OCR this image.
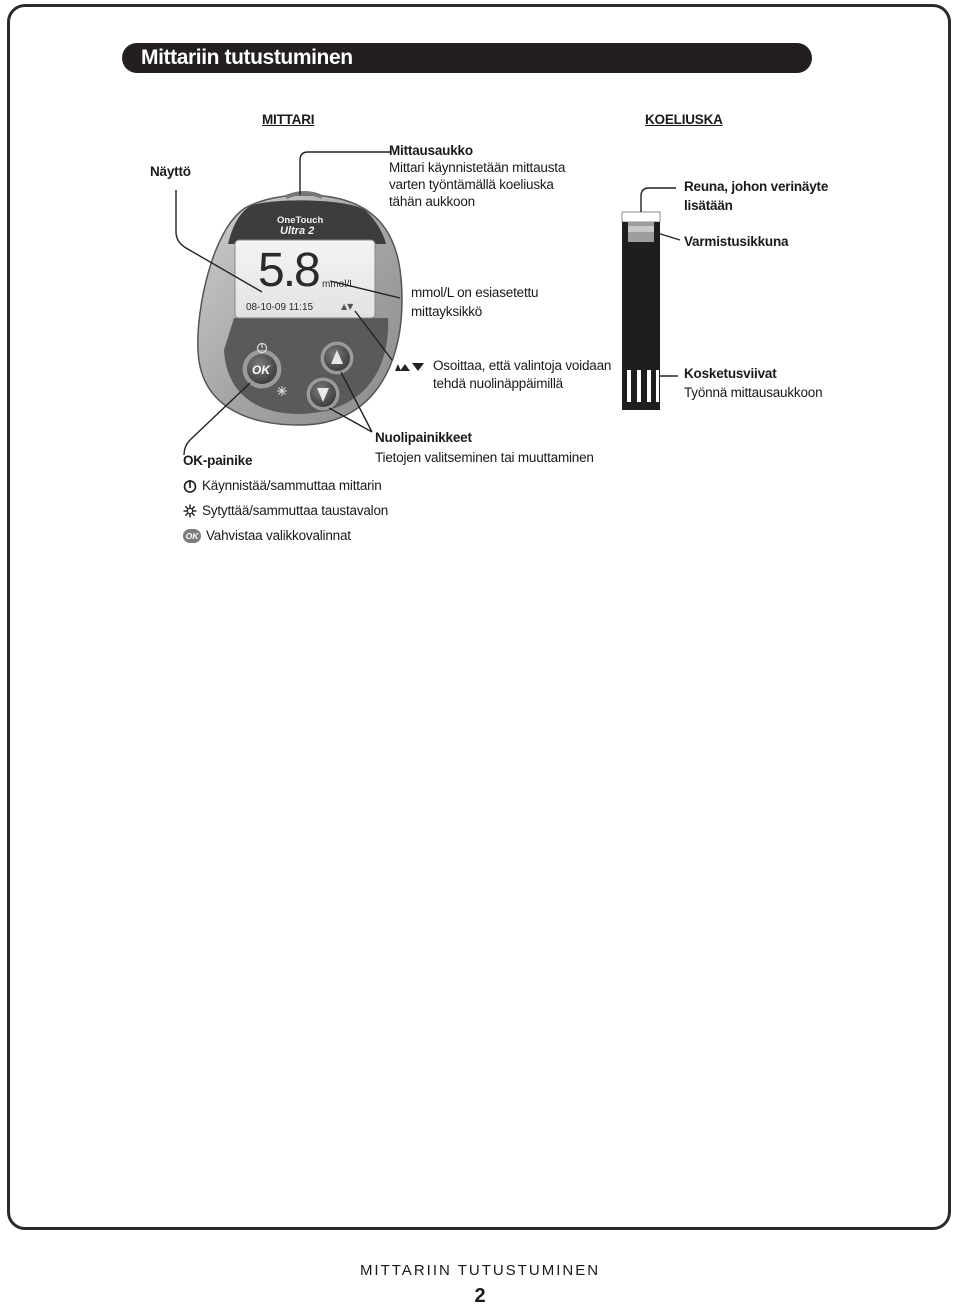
Mittariin tutustuminen
MITTARI	KOELIUSKA
OneTouch
Ultra 2
5.8 mmol/L
08-10-09 11:15	▲▼
OK
Näyttö
Mittausaukko
Mittari käynnistetään mittausta
varten työntämällä koeliuska
tähän aukkoon
mmol/L on esiasetettu
mittayksikkö
Osoittaa, että valintoja voidaan
tehdä nuolinäppäimillä
Nuolipainikkeet
Tietojen valitseminen tai muuttaminen
Reuna, johon verinäyte
lisätään
Varmistusikkuna
Kosketusviivat
Työnnä mittausaukkoon
OK-painike
Käynnistää/sammuttaa mittarin
Sytyttää/sammuttaa taustavalon
OK Vahvistaa valikkovalinnat
MITTARIIN TUTUSTUMINEN
2
